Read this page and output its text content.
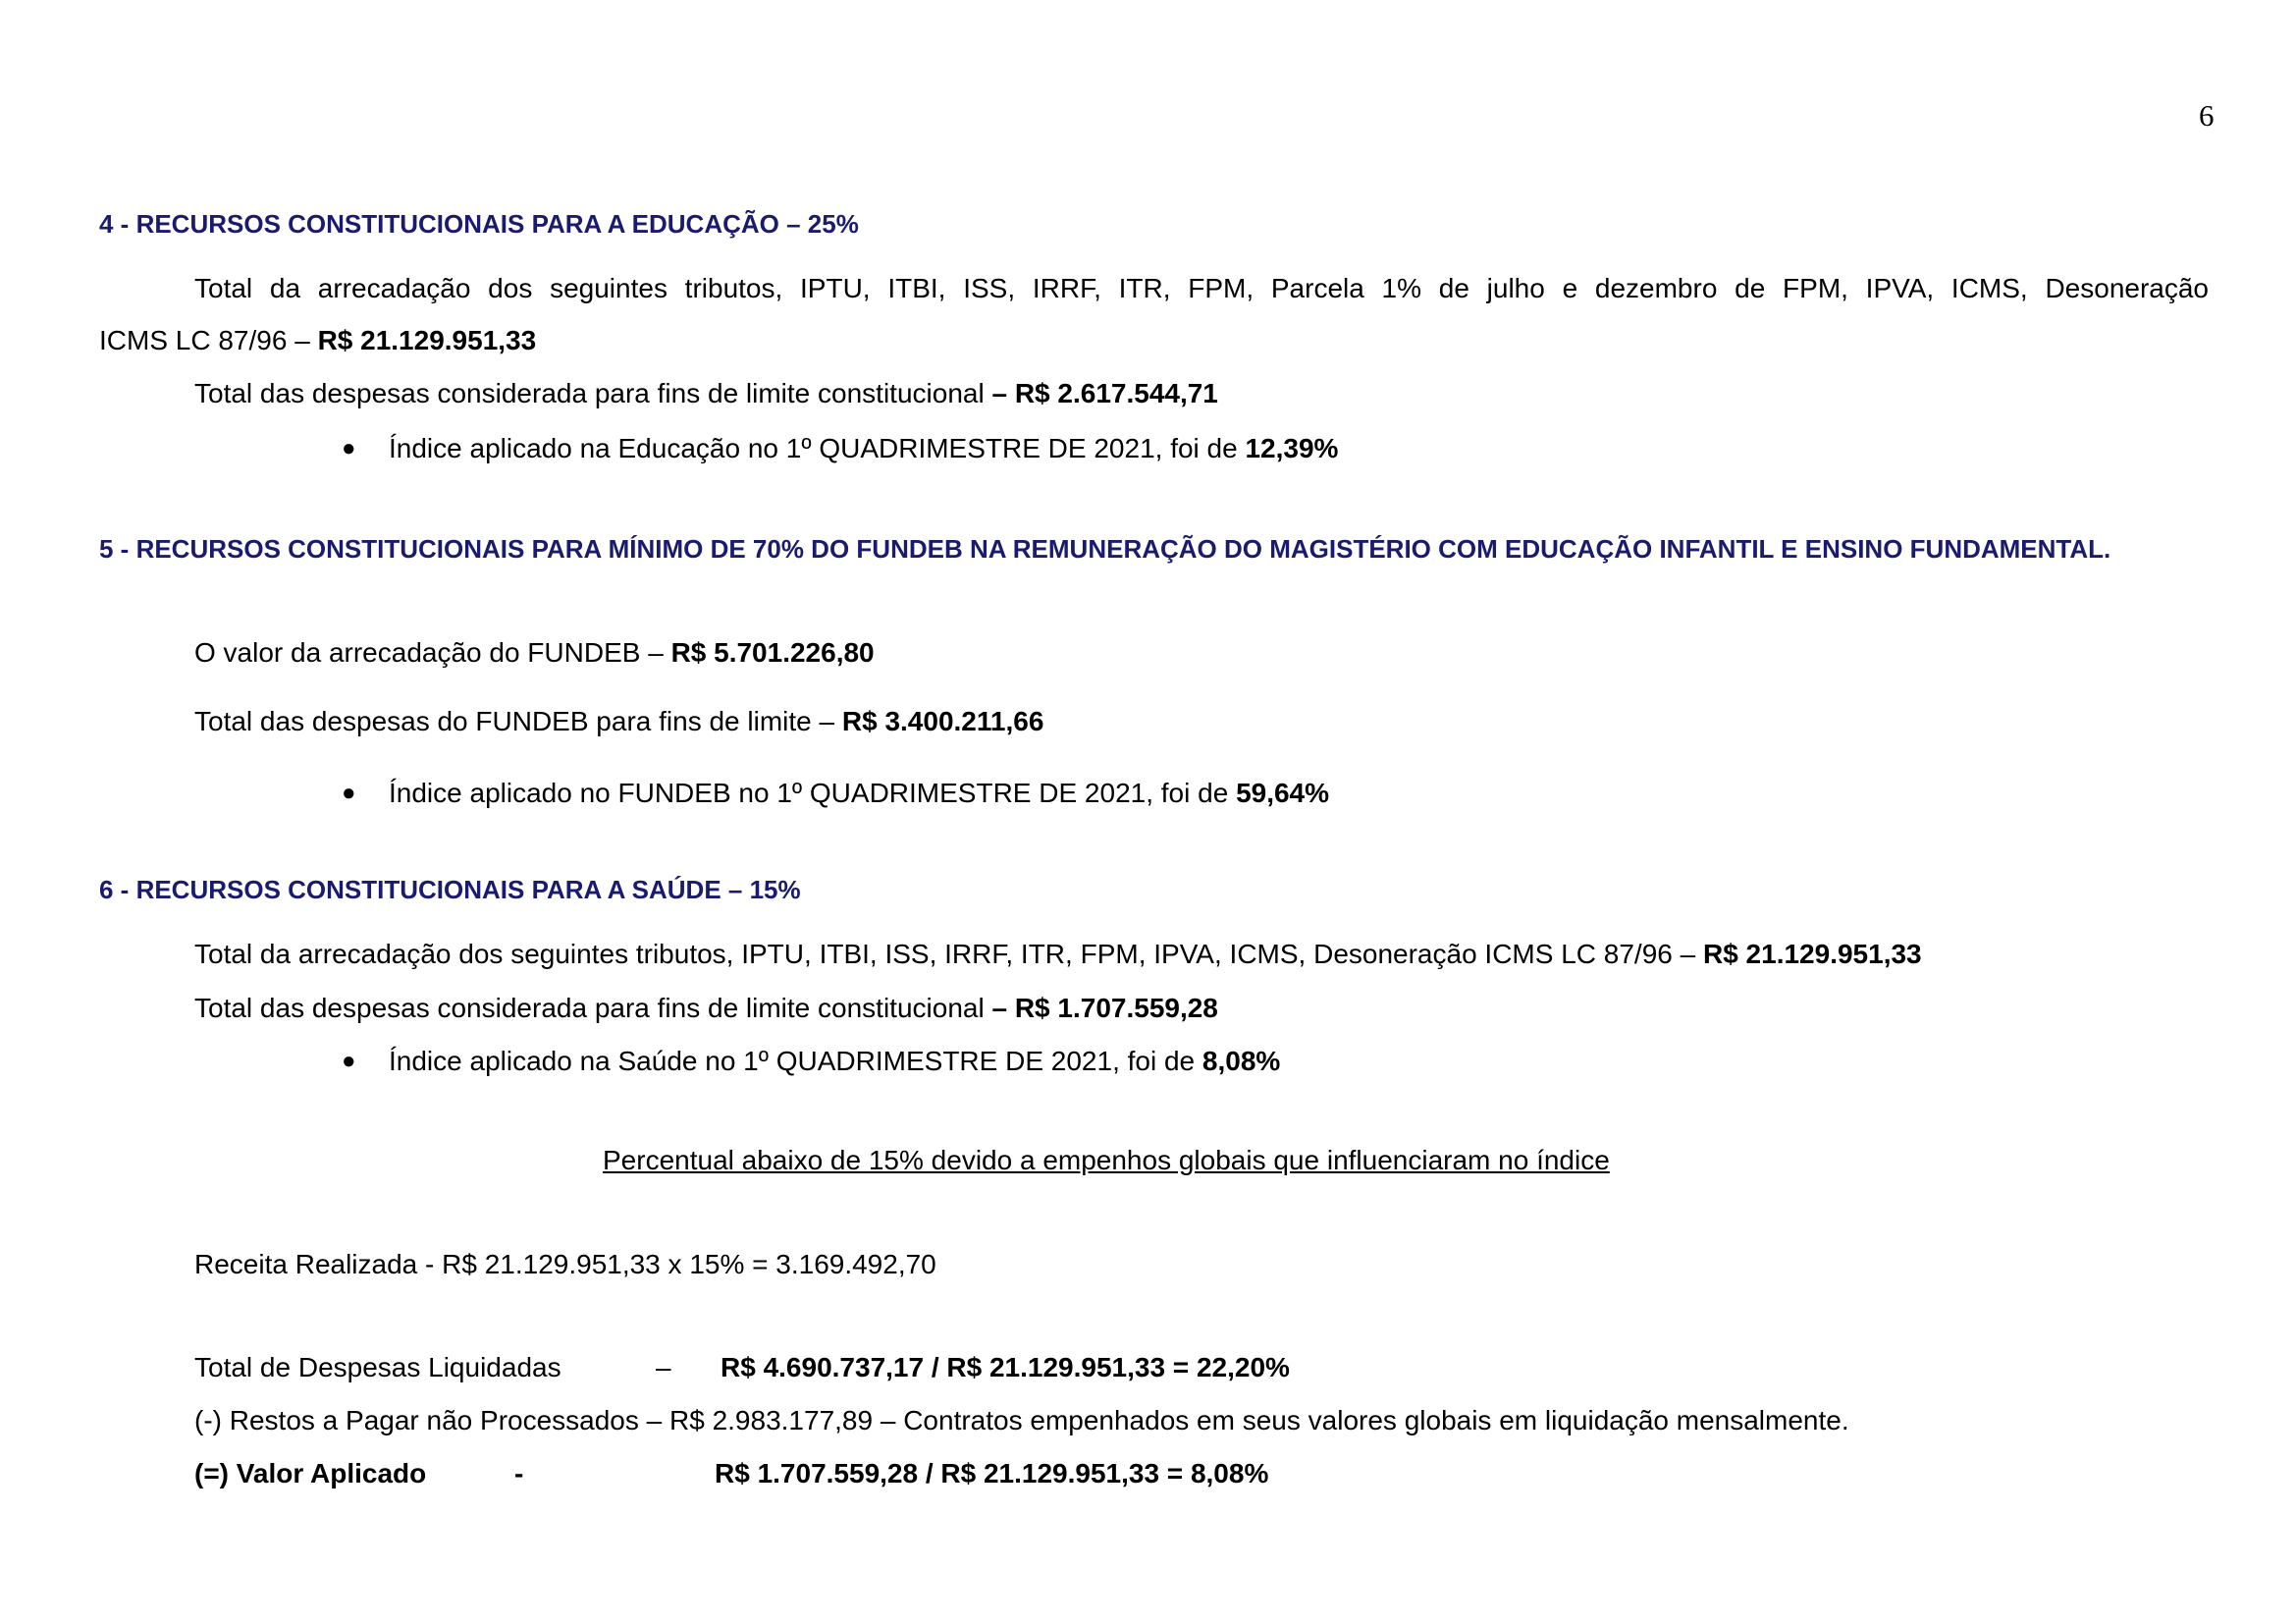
6
4 - RECURSOS CONSTITUCIONAIS PARA A EDUCAÇÃO – 25%
Total da arrecadação dos seguintes tributos, IPTU, ITBI, ISS, IRRF, ITR, FPM, Parcela 1% de julho e dezembro de FPM, IPVA, ICMS, Desoneração
ICMS LC 87/96 – R$ 21.129.951,33
Total das despesas considerada para fins de limite constitucional – R$ 2.617.544,71
● Índice aplicado na Educação no 1º QUADRIMESTRE DE 2021, foi de 12,39%
5 - RECURSOS CONSTITUCIONAIS PARA MÍNIMO DE 70% DO FUNDEB NA REMUNERAÇÃO DO MAGISTÉRIO COM EDUCAÇÃO INFANTIL E ENSINO FUNDAMENTAL.
O valor da arrecadação do FUNDEB – R$ 5.701.226,80
Total das despesas do FUNDEB para fins de limite – R$ 3.400.211,66
● Índice aplicado no FUNDEB no 1º QUADRIMESTRE DE 2021, foi de 59,64%
6 - RECURSOS CONSTITUCIONAIS PARA A SAÚDE – 15%
Total da arrecadação dos seguintes tributos, IPTU, ITBI, ISS, IRRF, ITR, FPM, IPVA, ICMS, Desoneração ICMS LC 87/96 – R$ 21.129.951,33
Total das despesas considerada para fins de limite constitucional – R$ 1.707.559,28
● Índice aplicado na Saúde no 1º QUADRIMESTRE DE 2021, foi de 8,08%
Percentual abaixo de 15% devido a empenhos globais que influenciaram no índice
Receita Realizada - R$ 21.129.951,33 x 15% = 3.169.492,70
Total de Despesas Liquidadas	– R$ 4.690.737,17 / R$ 21.129.951,33 = 22,20%
(-) Restos a Pagar não Processados – R$ 2.983.177,89 – Contratos empenhados em seus valores globais em liquidação mensalmente.
(=) Valor Aplicado	-	R$ 1.707.559,28 / R$ 21.129.951,33 = 8,08%
